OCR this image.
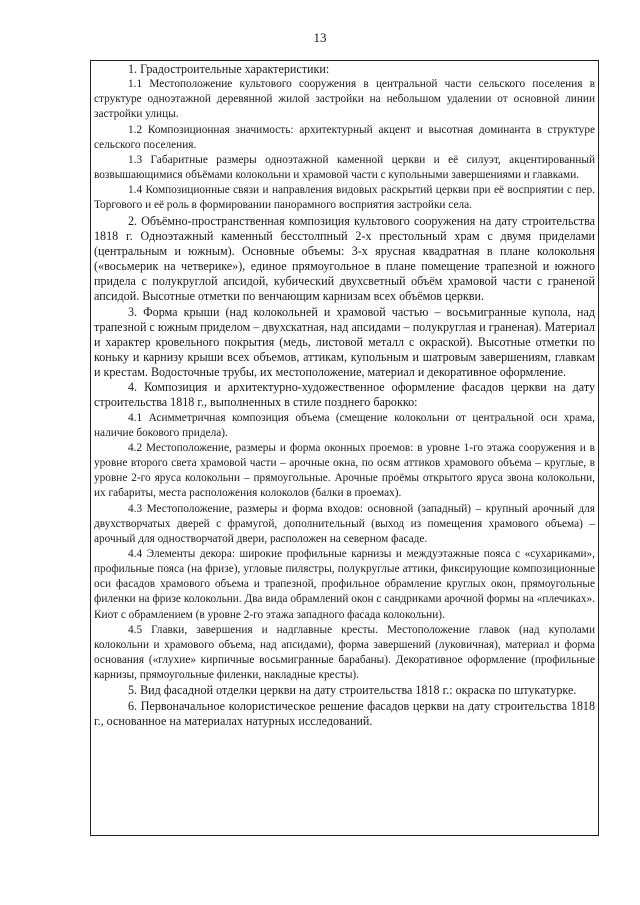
13

1. Градостроительные характеристики:

1.1 Местоположение культового сооружения в центральной части сельского поселения в структуре одноэтажной деревянной жилой застройки на небольшом удалении от основной линии застройки улицы.

1.2 Композиционная значимость: архитектурный акцент и высотная доминанта в структуре сельского поселения.

1.3 Габаритные размеры одноэтажной каменной церкви и её силуэт, акцентированный возвышающимися объёмами колокольни и храмовой части с купольными завершениями и главками.

1.4 Композиционные связи и направления видовых раскрытий церкви при её восприятии с пер. Торгового и её роль в формировании панорамного восприятия застройки села.

2. Объёмно-пространственная композиция культового сооружения на дату строительства 1818 г. Одноэтажный каменный бесстолпный 2-х престольный храм с двумя приделами (центральным и южным). Основные объемы: 3-х ярусная квадратная в плане колокольня («восьмерик на четверике»), единое прямоугольное в плане помещение трапезной и южного придела с полукруглой апсидой, кубический двухсветный объём храмовой части с граненой апсидой. Высотные отметки по венчающим карнизам всех объёмов церкви.

3. Форма крыши (над колокольней и храмовой частью – восьмигранные купола, над трапезной с южным приделом – двухскатная, над апсидами – полукруглая и граненая). Материал и характер кровельного покрытия (медь, листовой металл с окраской). Высотные отметки по коньку и карнизу крыши всех объемов, аттикам, купольным и шатровым завершениям, главкам и крестам. Водосточные трубы, их местоположение, материал и декоративное оформление.

4. Композиция и архитектурно-художественное оформление фасадов церкви на дату строительства 1818 г., выполненных в стиле позднего барокко:

4.1 Асимметричная композиция объема (смещение колокольни от центральной оси храма, наличие бокового придела).

4.2 Местоположение, размеры и форма оконных проемов: в уровне 1-го этажа сооружения и в уровне второго света храмовой части – арочные окна, по осям аттиков храмового объема – круглые, в уровне 2-го яруса колокольни – прямоугольные. Арочные проёмы открытого яруса звона колокольни, их габариты, места расположения колоколов (балки в проемах).

4.3 Местоположение, размеры и форма входов: основной (западный) – крупный арочный для двухстворчатых дверей с фрамугой, дополнительный (выход из помещения храмового объема) – арочный для одностворчатой двери, расположен на северном фасаде.

4.4 Элементы декора: широкие профильные карнизы и междуэтажные пояса с «сухариками», профильные пояса (на фризе), угловые пилястры, полукруглые аттики, фиксирующие композиционные оси фасадов храмового объема и трапезной, профильное обрамление круглых окон, прямоугольные филенки на фризе колокольни. Два вида обрамлений окон с сандриками арочной формы на «плечиках». Киот с обрамлением (в уровне 2-го этажа западного фасада колокольни).

4.5 Главки, завершения и надглавные кресты. Местоположение главок (над куполами колокольни и храмового объема, над апсидами), форма завершений (луковичная), материал и форма основания («глухие» кирпичные восьмигранные барабаны). Декоративное оформление (профильные карнизы, прямоугольные филенки, накладные кресты).

5. Вид фасадной отделки церкви на дату строительства 1818 г.: окраска по штукатурке.

6. Первоначальное колористическое решение фасадов церкви на дату строительства 1818 г., основанное на материалах натурных исследований.
